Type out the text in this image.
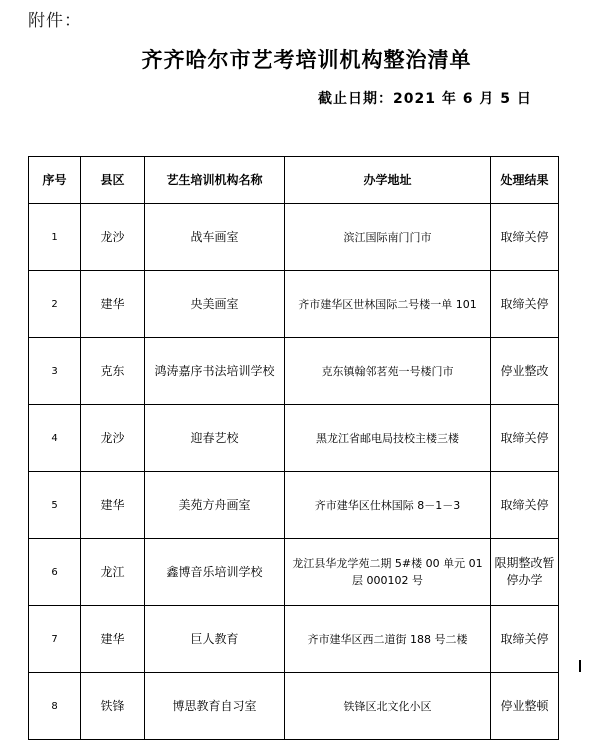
附件：
齐齐哈尔市艺考培训机构整治清单
截止日期：2021 年 6 月 5 日
序号	县区	艺生培训机构名称	办学地址	处理结果
1	龙沙	战车画室	滨江国际南门门市	取缔关停
2	建华	央美画室	齐市建华区世林国际二号楼一单 101	取缔关停
3	克东	鸿涛嘉序书法培训学校	克东镇翰邻茗苑一号楼门市	停业整改
4	龙沙	迎春艺校	黑龙江省邮电局技校主楼三楼	取缔关停
5	建华	美苑方舟画室	齐市建华区仕林国际 8－1－3	取缔关停
6	龙江	鑫博音乐培训学校	龙江县华龙学苑二期 5#楼 00 单元 01 层 000102 号	限期整改暂停办学
7	建华	巨人教育	齐市建华区西二道街 188 号二楼	取缔关停
8	铁锋	博思教育自习室	铁锋区北文化小区	停业整顿
